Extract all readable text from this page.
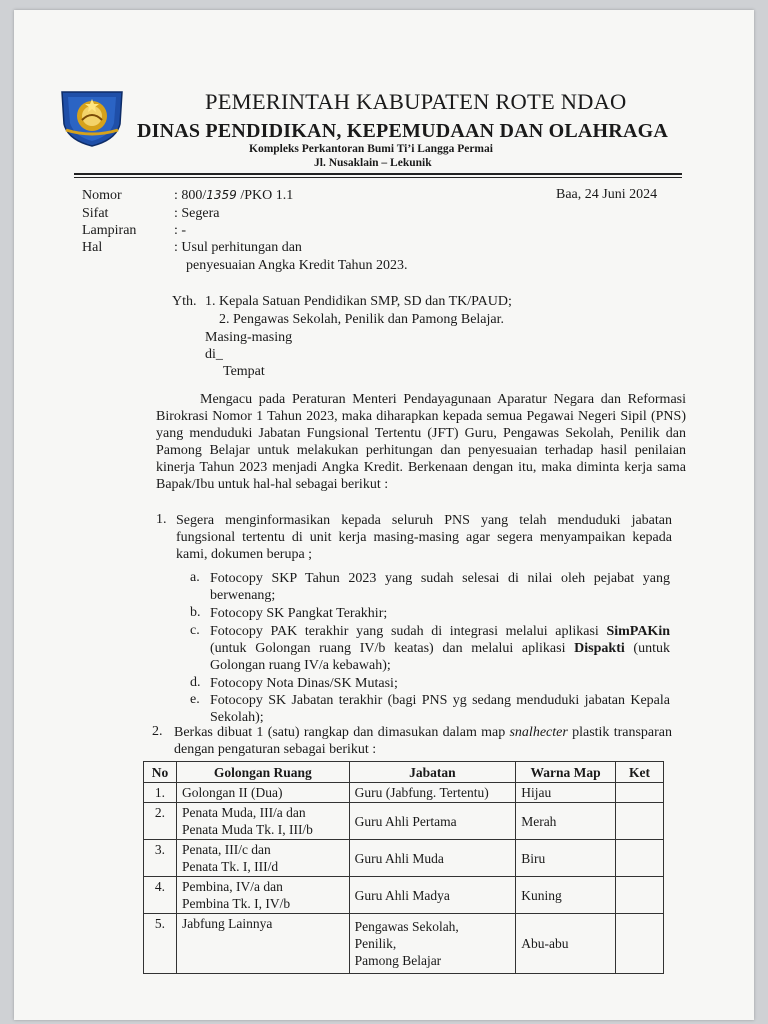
PEMERINTAH KABUPATEN ROTE NDAO
DINAS PENDIDIKAN, KEPEMUDAAN DAN OLAHRAGA
Kompleks Perkantoran Bumi Ti’i Langga Permai
Jl. Nusaklain – Lekunik
Baa, 24 Juni 2024
Nomor	: 800/1359 /PKO 1.1
Sifat	: Segera
Lampiran	: -
Hal	: Usul perhitungan dan
penyesuaian Angka Kredit Tahun 2023.
Yth. 1. Kepala Satuan Pendidikan SMP, SD dan TK/PAUD;
2. Pengawas Sekolah, Penilik dan Pamong Belajar.
Masing-masing
di_
Tempat
Mengacu pada Peraturan Menteri Pendayagunaan Aparatur Negara dan Reformasi Birokrasi Nomor 1 Tahun 2023, maka diharapkan kepada semua Pegawai Negeri Sipil (PNS) yang menduduki Jabatan Fungsional Tertentu (JFT) Guru, Pengawas Sekolah, Penilik dan Pamong Belajar untuk melakukan perhitungan dan penyesuaian terhadap hasil penilaian kinerja Tahun 2023 menjadi Angka Kredit. Berkenaan dengan itu, maka diminta kerja sama Bapak/Ibu untuk hal-hal sebagai berikut :
1. Segera menginformasikan kepada seluruh PNS yang telah menduduki jabatan fungsional tertentu di unit kerja masing-masing agar segera menyampaikan kepada kami, dokumen berupa ;
a. Fotocopy SKP Tahun 2023 yang sudah selesai di nilai oleh pejabat yang berwenang;
b. Fotocopy SK Pangkat Terakhir;
c. Fotocopy PAK terakhir yang sudah di integrasi melalui aplikasi SimPAKin (untuk Golongan ruang IV/b keatas) dan melalui aplikasi Dispakti (untuk Golongan ruang IV/a kebawah);
d. Fotocopy Nota Dinas/SK Mutasi;
e. Fotocopy SK Jabatan terakhir (bagi PNS yg sedang menduduki jabatan Kepala Sekolah);
2. Berkas dibuat 1 (satu) rangkap dan dimasukan dalam map snalhecter plastik transparan dengan pengaturan sebagai berikut :
No	Golongan Ruang	Jabatan	Warna Map	Ket
1.	Golongan II (Dua)	Guru (Jabfung. Tertentu)	Hijau	
2.	Penata Muda, III/a dan
Penata Muda Tk. I, III/b	Guru Ahli Pertama	Merah	
3.	Penata, III/c dan
Penata Tk. I, III/d	Guru Ahli Muda	Biru	
4.	Pembina, IV/a dan
Pembina Tk. I, IV/b	Guru Ahli Madya	Kuning	
5.	Jabfung Lainnya	Pengawas Sekolah,
Penilik,
Pamong Belajar	Abu-abu	
